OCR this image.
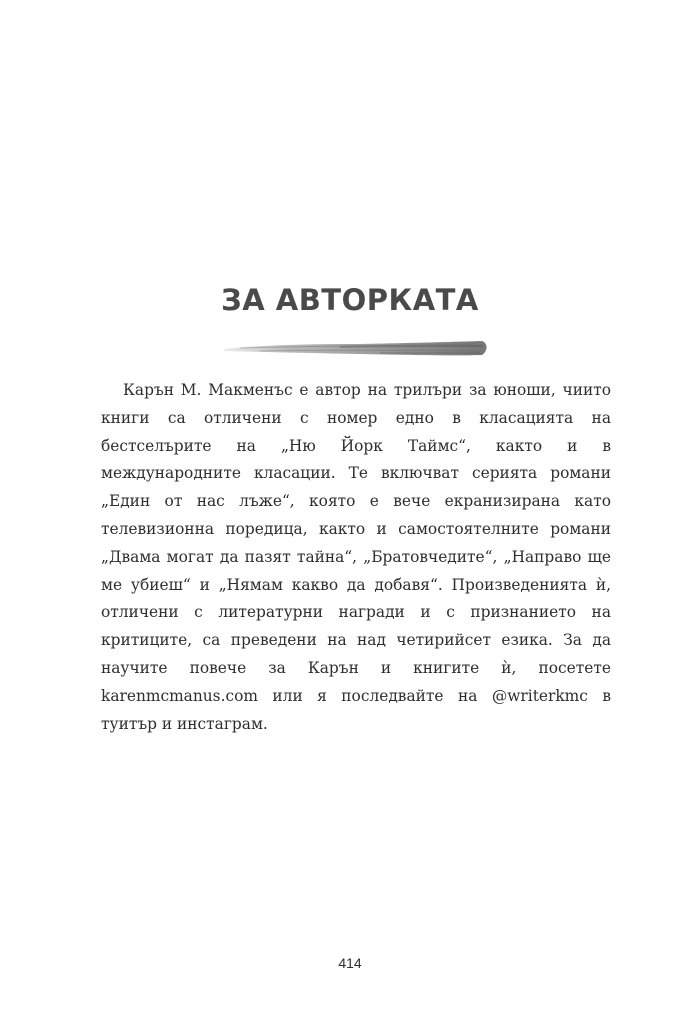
ЗА АВТОРКАТА

Карън М. Макменъс е автор на трилъри за юноши, чиито книги са отличени с номер едно в класацията на бестселърите на „Ню Йорк Таймс“, както и в международните класации. Те включват серията романи „Един от нас лъже“, която е вече екранизирана като телевизионна поредица, както и самостоятелните романи „Двама могат да пазят тайна“, „Братовчедите“, „Направо ще ме убиеш“ и „Нямам какво да добавя“. Произведенията ѝ, отличени с литературни награди и с признанието на критиците, са преведени на над четирийсет езика. За да научите повече за Карън и книгите ѝ, посетете karenmcmanus.com или я последвайте на @writerkmc в туитър и инстаграм.

414
